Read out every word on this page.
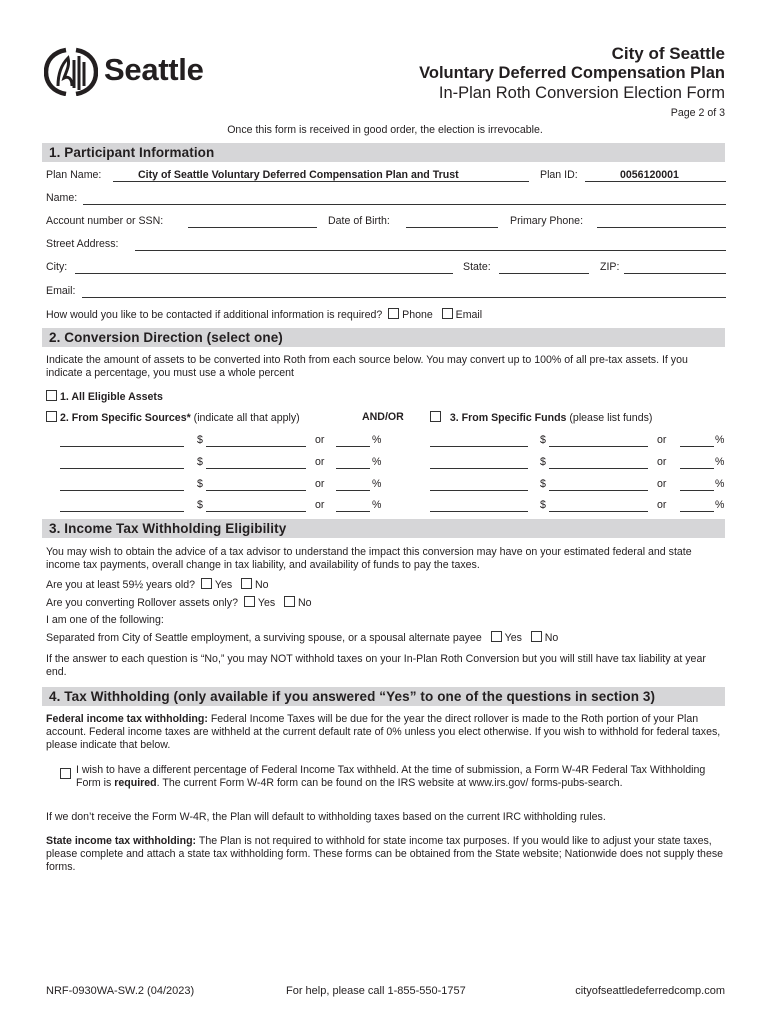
Seattle	City of Seattle
Voluntary Deferred Compensation Plan
In-Plan Roth Conversion Election Form
Page 2 of 3
Once this form is received in good order, the election is irrevocable.
1. Participant Information
Plan Name:	City of Seattle Voluntary Deferred Compensation Plan and Trust	Plan ID:	0056120001
Name:
Account number or SSN:	Date of Birth:	Primary Phone:
Street Address:
City:	State:	ZIP:
Email:
How would you like to be contacted if additional information is required? Phone Email
2. Conversion Direction (select one)
Indicate the amount of assets to be converted into Roth from each source below. You may convert up to 100% of all pre-tax assets. If you indicate a percentage, you must use a whole percent
1. All Eligible Assets
2. From Specific Sources* (indicate all that apply)	AND/OR	3. From Specific Funds (please list funds)
$	or	%	$	or	%
$	or	%	$	or	%
$	or	%	$	or	%
$	or	%	$	or	%
3. Income Tax Withholding Eligibility
You may wish to obtain the advice of a tax advisor to understand the impact this conversion may have on your estimated federal and state income tax payments, overall change in tax liability, and availability of funds to pay the taxes.
Are you at least 59½ years old? Yes No
Are you converting Rollover assets only? Yes No
I am one of the following:
Separated from City of Seattle employment, a surviving spouse, or a spousal alternate payee Yes No
If the answer to each question is “No,” you may NOT withhold taxes on your In-Plan Roth Conversion but you will still have tax liability at year end.
4. Tax Withholding (only available if you answered “Yes” to one of the questions in section 3)
Federal income tax withholding: Federal Income Taxes will be due for the year the direct rollover is made to the Roth portion of your Plan account. Federal income taxes are withheld at the current default rate of 0% unless you elect otherwise. If you wish to withhold for federal taxes, please indicate that below.
I wish to have a different percentage of Federal Income Tax withheld. At the time of submission, a Form W-4R Federal Tax Withholding Form is required. The current Form W-4R form can be found on the IRS website at www.irs.gov/ forms-pubs-search.
If we don’t receive the Form W-4R, the Plan will default to withholding taxes based on the current IRC withholding rules.
State income tax withholding: The Plan is not required to withhold for state income tax purposes. If you would like to adjust your state taxes, please complete and attach a state tax withholding form. These forms can be obtained from the State website; Nationwide does not supply these forms.
NRF-0930WA-SW.2 (04/2023)	For help, please call 1-855-550-1757	cityofseattledeferredcomp.com
